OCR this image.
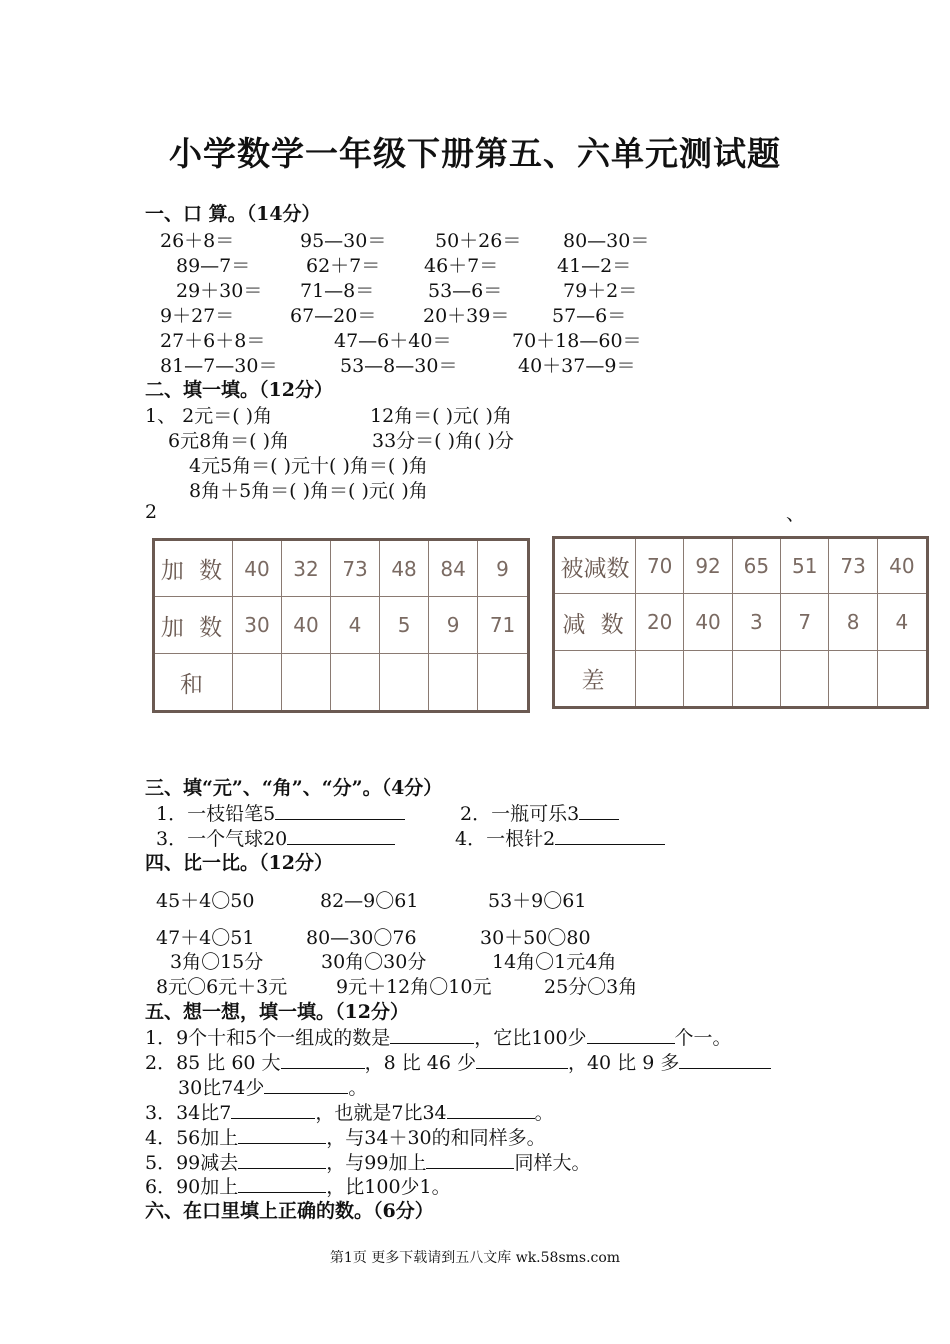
小学数学一年级下册第五、六单元测试题
一、口 算。（14分）
26＋8＝	95—30＝	50＋26＝ 80—30＝
89—7＝	62＋7＝ 46＋7＝	41—2＝
29＋30＝ 71—8＝	53—6＝	79＋2＝
9＋27＝	67—20＝ 20＋39＝ 57—6＝
27＋6＋8＝	47—6＋40＝	70＋18—60＝
81—7—30＝	53—8—30＝	40＋37—9＝
二、填一填。（12分）
1、 2元＝( )角	12角＝( )元( )角
6元8角＝( )角	33分＝( )角( )分
4元5角＝( )元十( )角＝( )角
8角＋5角＝( )角＝( )元( )角
2	、
加 数	40	32	73	48	84	9
加 数	30	40	4	5	9	71
和						
被减数	70	92	65	51	73	40
减 数	20	40	3	7	8	4
差						
三、填“元”、“角”、“分”。（4分）
1．一枝铅笔5	2．一瓶可乐3
3．一个气球20	4．一根针2
四、比一比。（12分）
45＋4〇50	82—9〇61	53＋9〇61
47＋4〇51	80—30〇76	30＋50〇80
3角〇15分	30角〇30分	14角〇1元4角
8元〇6元＋3元	9元＋12角〇10元	25分〇3角
五、想一想，填一填。（12分）
1．9个十和5个一组成的数是	，它比100少	个一。
2．85 比 60 大	，8 比 46 少	，40 比 9 多
30比74少	。
3．34比7	，也就是7比34	。
4．56加上	，与34＋30的和同样多。
5．99减去	，与99加上	同样大。
6．90加上	，比100少1。
六、在口里填上正确的数。（6分）
第1页 更多下载请到五八文库 wk.58sms.com
